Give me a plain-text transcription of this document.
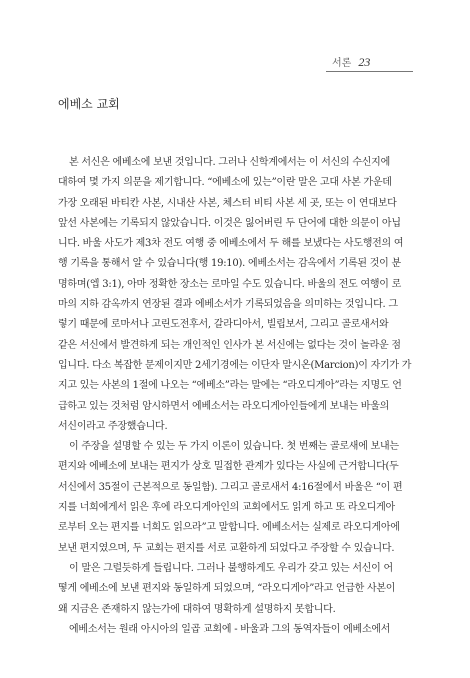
서론 23
에베소 교회
본 서신은 에베소에 보낸 것입니다. 그러나 신학계에서는 이 서신의 수신지에
대하여 몇 가지 의문을 제기합니다. “에베소에 있는”이란 말은 고대 사본 가운데
가장 오래된 바티칸 사본, 시내산 사본, 체스터 비티 사본 세 곳, 또는 이 연대보다
앞선 사본에는 기록되지 않았습니다. 이것은 잃어버린 두 단어에 대한 의문이 아닙
니다. 바울 사도가 제3차 전도 여행 중 에베소에서 두 해를 보냈다는 사도행전의 여
행 기록을 통해서 알 수 있습니다(행 19:10). 에베소서는 감옥에서 기록된 것이 분
명하며(엡 3:1), 아마 정확한 장소는 로마일 수도 있습니다. 바울의 전도 여행이 로
마의 지하 감옥까지 연장된 결과 에베소서가 기록되었음을 의미하는 것입니다. 그
렇기 때문에 로마서나 고린도전후서, 갈라디아서, 빌립보서, 그리고 골로새서와
같은 서신에서 발견하게 되는 개인적인 인사가 본 서신에는 없다는 것이 놀라운 점
입니다. 다소 복잡한 문제이지만 2세기경에는 이단자 말시온(Marcion)이 자기가 가
지고 있는 사본의 1절에 나오는 “에베소”라는 말에는 “라오디게아”라는 지명도 언
급하고 있는 것처럼 암시하면서 에베소서는 라오디게아인들에게 보내는 바울의
서신이라고 주장했습니다.
이 주장을 설명할 수 있는 두 가지 이론이 있습니다. 첫 번째는 골로새에 보내는
편지와 에베소에 보내는 편지가 상호 밀접한 관계가 있다는 사실에 근거합니다(두
서신에서 35절이 근본적으로 동일함). 그리고 골로새서 4:16절에서 바울은 “이 편
지를 너희에게서 읽은 후에 라오디게아인의 교회에서도 읽게 하고 또 라오디게아
로부터 오는 편지를 너희도 읽으라”고 말합니다. 에베소서는 실제로 라오디게아에
보낸 편지였으며, 두 교회는 편지를 서로 교환하게 되었다고 주장할 수 있습니다.
이 말은 그럴듯하게 들립니다. 그러나 불행하게도 우리가 갖고 있는 서신이 어
떻게 에베소에 보낸 편지와 동일하게 되었으며, “라오디게아”라고 언급한 사본이
왜 지금은 존재하지 않는가에 대하여 명확하게 설명하지 못합니다.
에베소서는 원래 아시아의 일곱 교회에 - 바울과 그의 동역자들이 에베소에서
